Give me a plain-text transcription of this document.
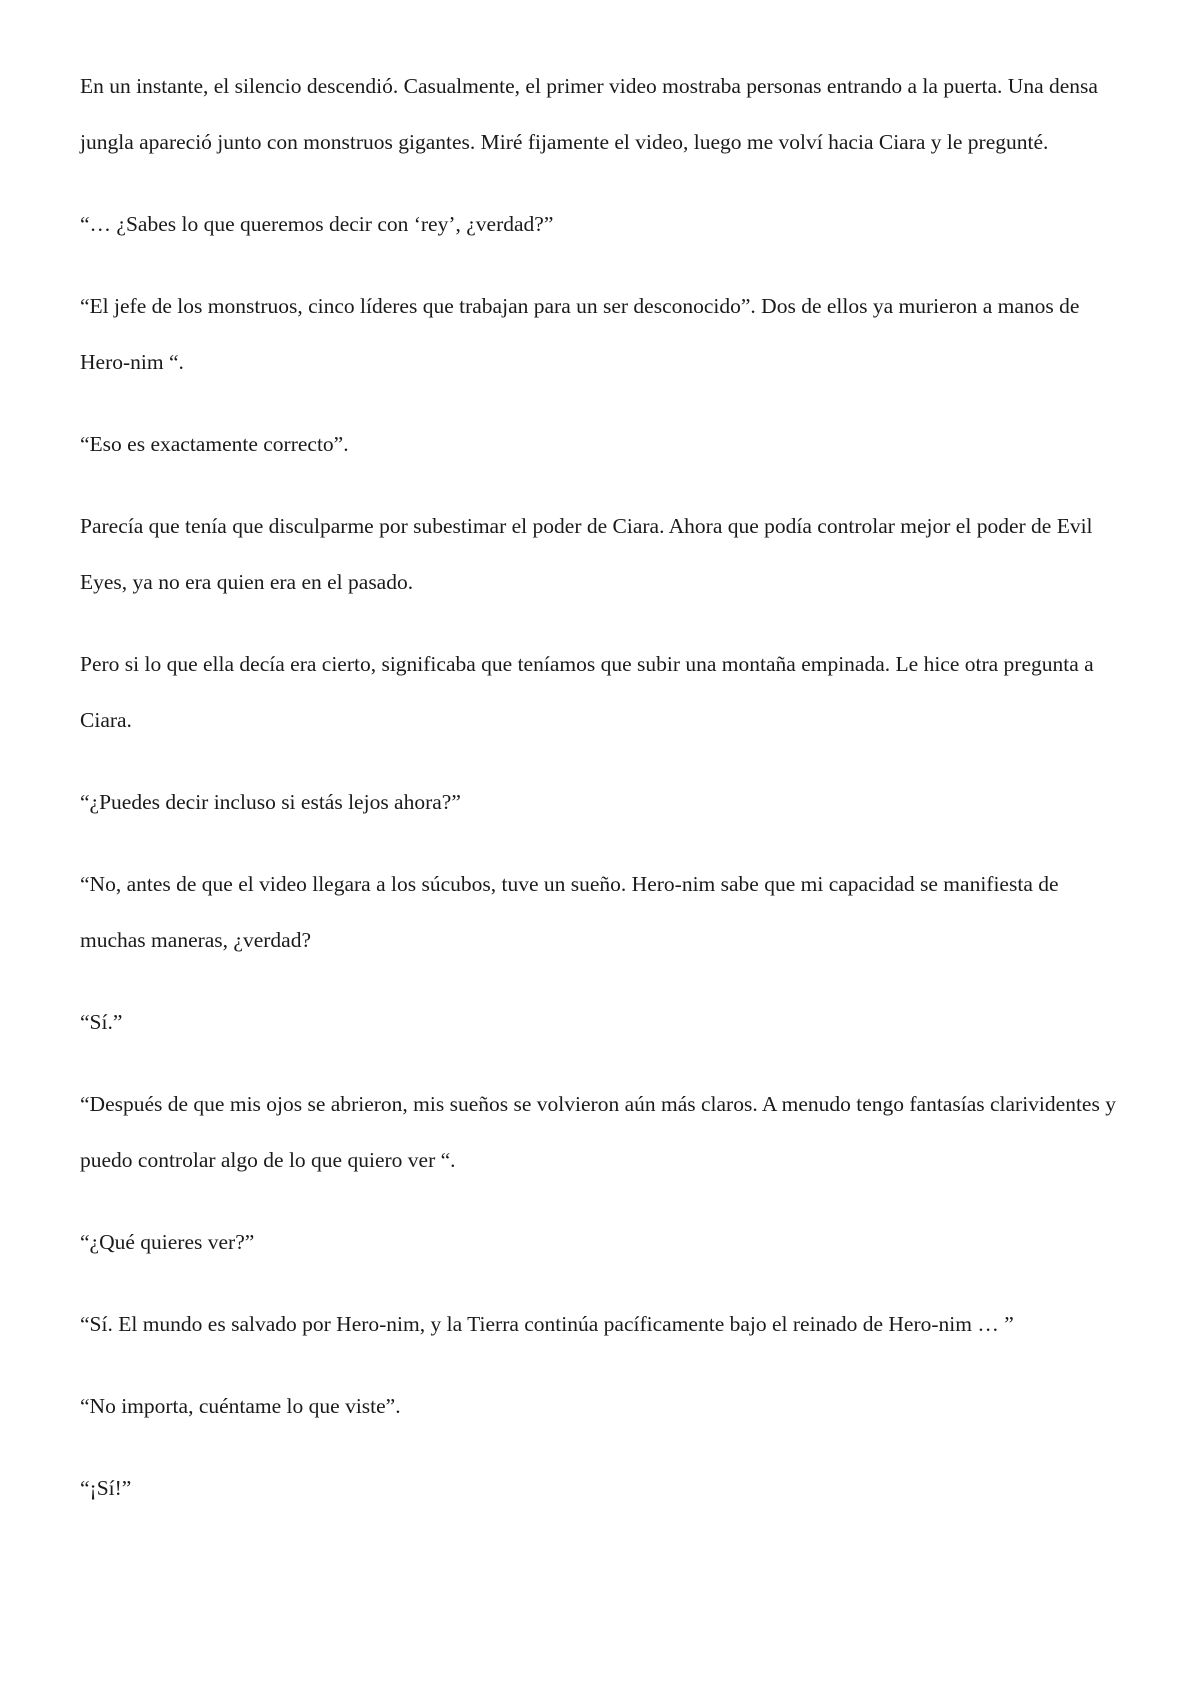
En un instante, el silencio descendió. Casualmente, el primer video mostraba personas entrando a la puerta. Una densa jungla apareció junto con monstruos gigantes. Miré fijamente el video, luego me volví hacia Ciara y le pregunté.

“… ¿Sabes lo que queremos decir con ‘rey’, ¿verdad?”

“El jefe de los monstruos, cinco líderes que trabajan para un ser desconocido”. Dos de ellos ya murieron a manos de Hero-nim “.

“Eso es exactamente correcto”.

Parecía que tenía que disculparme por subestimar el poder de Ciara. Ahora que podía controlar mejor el poder de Evil Eyes, ya no era quien era en el pasado.

Pero si lo que ella decía era cierto, significaba que teníamos que subir una montaña empinada. Le hice otra pregunta a Ciara.

“¿Puedes decir incluso si estás lejos ahora?”

“No, antes de que el video llegara a los súcubos, tuve un sueño. Hero-nim sabe que mi capacidad se manifiesta de muchas maneras, ¿verdad?

“Sí.”

“Después de que mis ojos se abrieron, mis sueños se volvieron aún más claros. A menudo tengo fantasías clarividentes y puedo controlar algo de lo que quiero ver “.

“¿Qué quieres ver?”

“Sí. El mundo es salvado por Hero-nim, y la Tierra continúa pacíficamente bajo el reinado de Hero-nim … ”

“No importa, cuéntame lo que viste”.

“¡Sí!”
